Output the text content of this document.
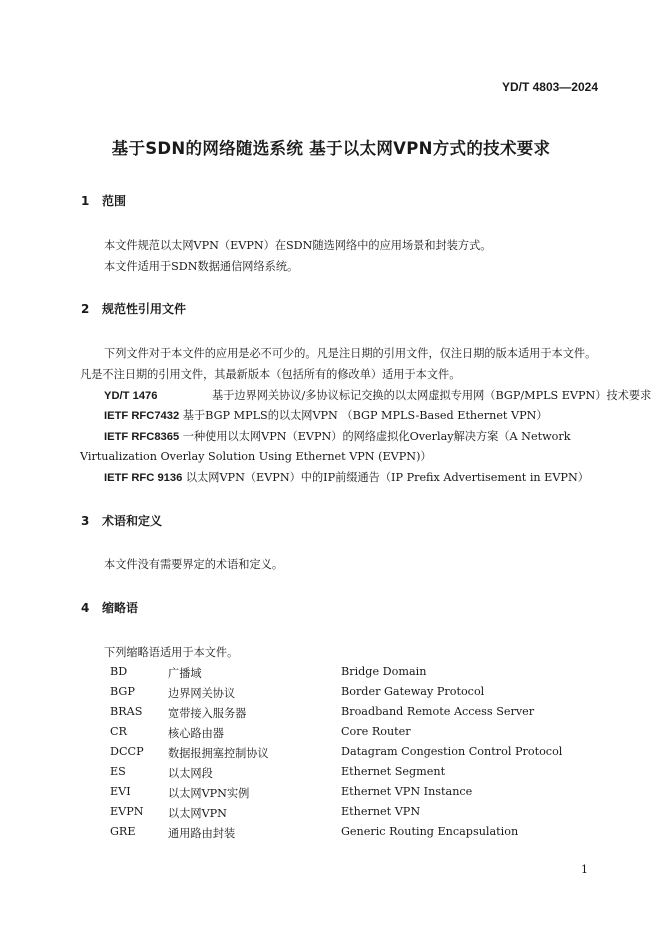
YD/T 4803—2024
基于SDN的网络随选系统 基于以太网VPN方式的技术要求
1 范围
本文件规范以太网VPN（EVPN）在SDN随选网络中的应用场景和封装方式。
本文件适用于SDN数据通信网络系统。
2 规范性引用文件
下列文件对于本文件的应用是必不可少的。凡是注日期的引用文件，仅注日期的版本适用于本文件。
凡是不注日期的引用文件，其最新版本（包括所有的修改单）适用于本文件。
YD/T 1476	基于边界网关协议/多协议标记交换的以太网虚拟专用网（BGP/MPLS EVPN）技术要求
IETF RFC7432 基于BGP MPLS的以太网VPN （BGP MPLS-Based Ethernet VPN）
IETF RFC8365 一种使用以太网VPN（EVPN）的网络虚拟化Overlay解决方案（A Network
Virtualization Overlay Solution Using Ethernet VPN (EVPN)）
IETF RFC 9136 以太网VPN（EVPN）中的IP前缀通告（IP Prefix Advertisement in EVPN）
3 术语和定义
本文件没有需要界定的术语和定义。
4 缩略语
下列缩略语适用于本文件。
BD	广播域	Bridge Domain
BGP	边界网关协议	Border Gateway Protocol
BRAS 宽带接入服务器	Broadband Remote Access Server
CR	核心路由器	Core Router
DCCP 数据报拥塞控制协议	Datagram Congestion Control Protocol
ES	以太网段	Ethernet Segment
EVI	以太网VPN实例	Ethernet VPN Instance
EVPN 以太网VPN	Ethernet VPN
GRE	通用路由封装	Generic Routing Encapsulation
1
